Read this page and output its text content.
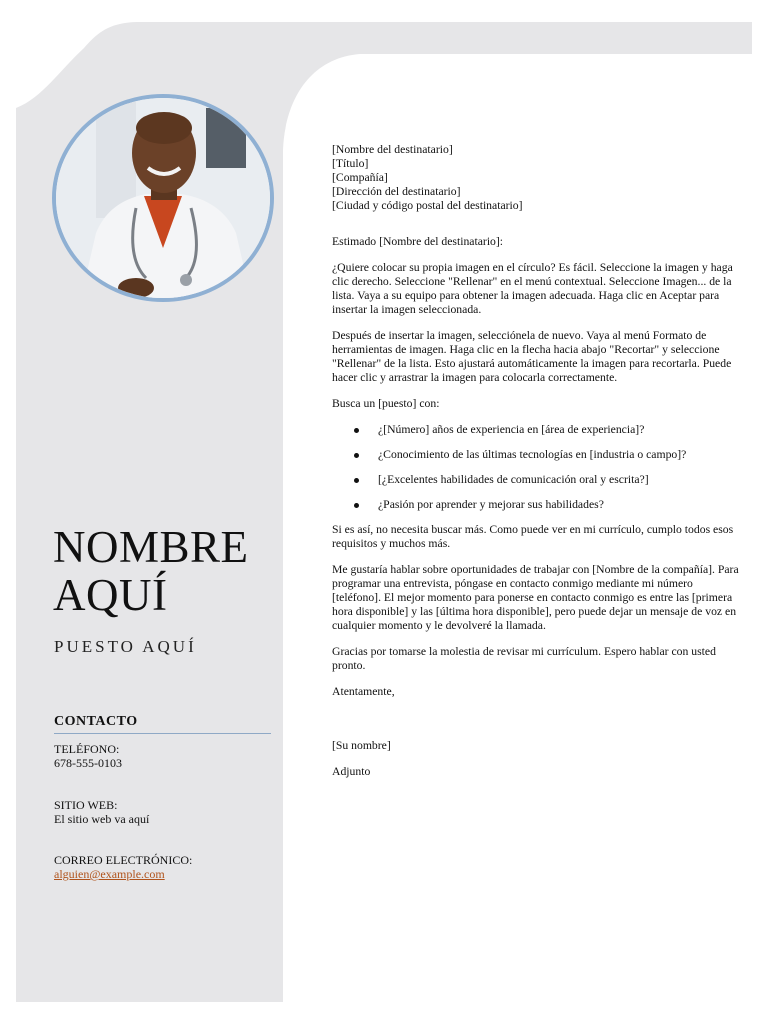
NOMBRE
AQUÍ
PUESTO AQUÍ
CONTACTO
TELÉFONO:
678-555-0103
SITIO WEB:
El sitio web va aquí
CORREO ELECTRÓNICO:
alguien@example.com
[Nombre del destinatario]
[Título]
[Compañía]
[Dirección del destinatario]
[Ciudad y código postal del destinatario]

Estimado [Nombre del destinatario]:

¿Quiere colocar su propia imagen en el círculo? Es fácil. Seleccione la imagen y haga clic derecho. Seleccione "Rellenar" en el menú contextual. Seleccione Imagen... de la lista. Vaya a su equipo para obtener la imagen adecuada. Haga clic en Aceptar para insertar la imagen seleccionada.

Después de insertar la imagen, selecciónela de nuevo. Vaya al menú Formato de herramientas de imagen. Haga clic en la flecha hacia abajo "Recortar" y seleccione "Rellenar" de la lista. Esto ajustará automáticamente la imagen para recortarla. Puede hacer clic y arrastrar la imagen para colocarla correctamente.

Busca un [puesto] con:

¿[Número] años de experiencia en [área de experiencia]?
¿Conocimiento de las últimas tecnologías en [industria o campo]?
[¿Excelentes habilidades de comunicación oral y escrita?]
¿Pasión por aprender y mejorar sus habilidades?

Si es así, no necesita buscar más. Como puede ver en mi currículo, cumplo todos esos requisitos y muchos más.

Me gustaría hablar sobre oportunidades de trabajar con [Nombre de la compañía]. Para programar una entrevista, póngase en contacto conmigo mediante mi número [teléfono]. El mejor momento para ponerse en contacto conmigo es entre las [primera hora disponible] y las [última hora disponible], pero puede dejar un mensaje de voz en cualquier momento y le devolveré la llamada.

Gracias por tomarse la molestia de revisar mi currículum. Espero hablar con usted pronto.

Atentamente,

[Su nombre]

Adjunto
